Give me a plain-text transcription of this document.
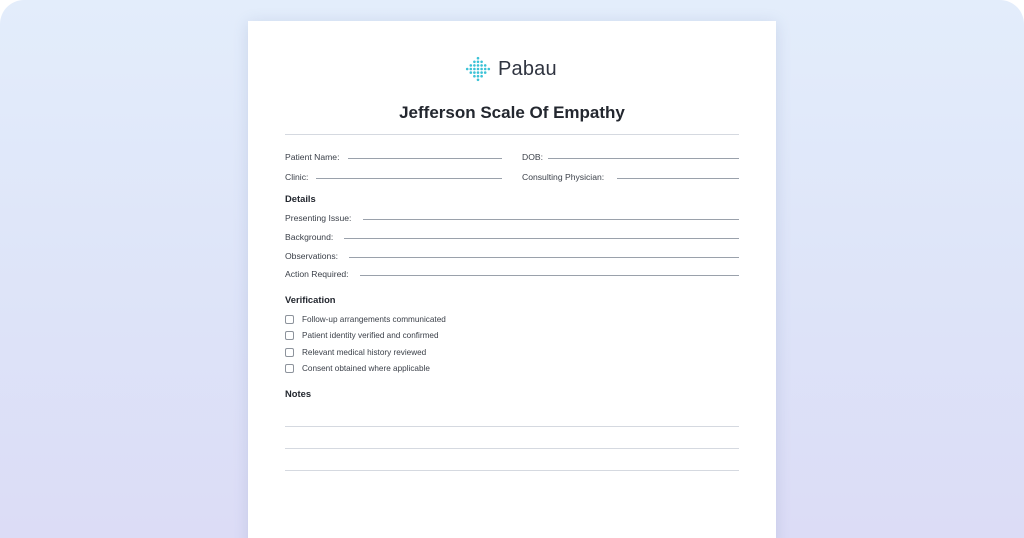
Pabau
Jefferson Scale Of Empathy
Patient Name:	DOB:
Clinic:	Consulting Physician:
Details
Presenting Issue:
Background:
Observations:
Action Required:
Verification
Follow-up arrangements communicated
Patient identity verified and confirmed
Relevant medical history reviewed
Consent obtained where applicable
Notes
